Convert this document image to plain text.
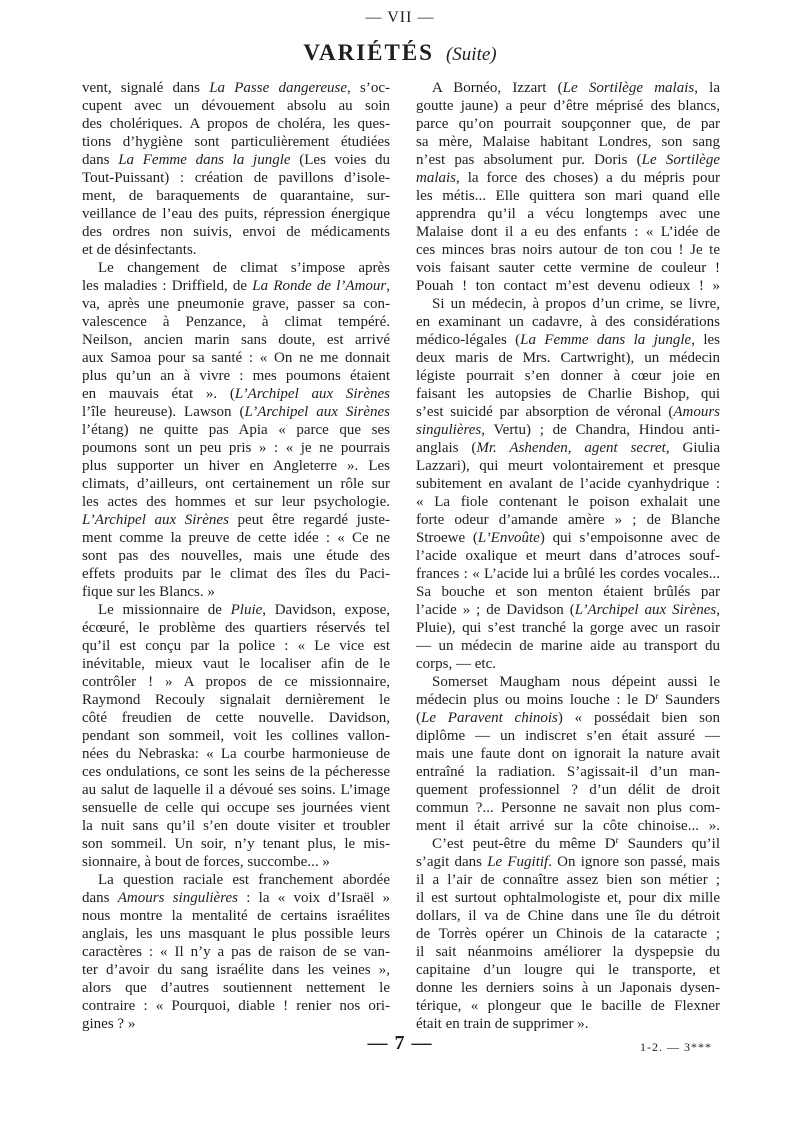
— VII —
VARIÉTÉS (Suite)
vent, signalé dans La Passe dangereuse, s’oc-
cupent avec un dévouement absolu au soin
des cholériques. A propos de choléra, les ques-
tions d’hygiène sont particulièrement étudiées
dans La Femme dans la jungle (Les voies du
Tout-Puissant) : création de pavillons d’isole-
ment, de baraquements de quarantaine, sur-
veillance de l’eau des puits, répression énergique
des ordres non suivis, envoi de médicaments
et de désinfectants.
Le changement de climat s’impose après
les maladies : Driffield, de La Ronde de l’Amour,
va, après une pneumonie grave, passer sa con-
valescence à Penzance, à climat tempéré.
Neilson, ancien marin sans doute, est arrivé
aux Samoa pour sa santé : « On ne me donnait
plus qu’un an à vivre : mes poumons étaient
en mauvais état ». (L’Archipel aux Sirènes
l’île heureuse). Lawson (L’Archipel aux Sirènes
l’étang) ne quitte pas Apia « parce que ses
poumons sont un peu pris » : « je ne pourrais
plus supporter un hiver en Angleterre ». Les
climats, d’ailleurs, ont certainement un rôle sur
les actes des hommes et sur leur psychologie.
L’Archipel aux Sirènes peut être regardé juste-
ment comme la preuve de cette idée : « Ce ne
sont pas des nouvelles, mais une étude des
effets produits par le climat des îles du Paci-
fique sur les Blancs. »
Le missionnaire de Pluie, Davidson, expose,
écœuré, le problème des quartiers réservés tel
qu’il est conçu par la police : « Le vice est
inévitable, mieux vaut le localiser afin de le
contrôler ! » A propos de ce missionnaire,
Raymond Recouly signalait dernièrement le
côté freudien de cette nouvelle. Davidson,
pendant son sommeil, voit les collines vallon-
nées du Nebraska: « La courbe harmonieuse de
ces ondulations, ce sont les seins de la pécheresse
au salut de laquelle il a dévoué ses soins. L’image
sensuelle de celle qui occupe ses journées vient
la nuit sans qu’il s’en doute visiter et troubler
son sommeil. Un soir, n’y tenant plus, le mis-
sionnaire, à bout de forces, succombe... »
La question raciale est franchement abordée
dans Amours singulières : la « voix d’Israël »
nous montre la mentalité de certains israélites
anglais, les uns masquant le plus possible leurs
caractères : « Il n’y a pas de raison de se van-
ter d’avoir du sang israélite dans les veines »,
alors que d’autres soutiennent nettement le
contraire : « Pourquoi, diable ! renier nos ori-
gines ? »
A Bornéo, Izzart (Le Sortilège malais, la
goutte jaune) a peur d’être méprisé des blancs,
parce qu’on pourrait soupçonner que, de par
sa mère, Malaise habitant Londres, son sang
n’est pas absolument pur. Doris (Le Sortilège
malais, la force des choses) a du mépris pour
les métis... Elle quittera son mari quand elle
apprendra qu’il a vécu longtemps avec une
Malaise dont il a eu des enfants : « L’idée de
ces minces bras noirs autour de ton cou ! Je te
vois faisant sauter cette vermine de couleur !
Pouah ! ton contact m’est devenu odieux ! »
Si un médecin, à propos d’un crime, se livre,
en examinant un cadavre, à des considérations
médico-légales (La Femme dans la jungle, les
deux maris de Mrs. Cartwright), un médecin
légiste pourrait s’en donner à cœur joie en
faisant les autopsies de Charlie Bishop, qui
s’est suicidé par absorption de véronal (Amours
singulières, Vertu) ; de Chandra, Hindou anti-
anglais (Mr. Ashenden, agent secret, Giulia
Lazzari), qui meurt volontairement et presque
subitement en avalant de l’acide cyanhydrique :
« La fiole contenant le poison exhalait une
forte odeur d’amande amère » ; de Blanche
Stroewe (L’Envoûte) qui s’empoisonne avec de
l’acide oxalique et meurt dans d’atroces souf-
frances : « L’acide lui a brûlé les cordes vocales...
Sa bouche et son menton étaient brûlés par
l’acide » ; de Davidson (L’Archipel aux Sirènes,
Pluie), qui s’est tranché la gorge avec un rasoir
— un médecin de marine aide au transport du
corps, — etc.
Somerset Maugham nous dépeint aussi le
médecin plus ou moins louche : le $D^r$ Saunders
(Le Paravent chinois) « possédait bien son
diplôme — un indiscret s’en était assuré —
mais une faute dont on ignorait la nature avait
entraîné la radiation. S’agissait-il d’un man-
quement professionnel ? d’un délit de droit
commun ?... Personne ne savait non plus com-
ment il était arrivé sur la côte chinoise... ».
C’est peut-être du même $D^r$ Saunders qu’il
s’agit dans Le Fugitif. On ignore son passé, mais
il a l’air de connaître assez bien son métier ;
il est surtout ophtalmologiste et, pour dix mille
dollars, il va de Chine dans une île du détroit
de Torrès opérer un Chinois de la cataracte ;
il sait néanmoins améliorer la dyspepsie du
capitaine d’un lougre qui le transporte, et
donne les derniers soins à un Japonais dysen-
térique, « plongeur que le bacille de Flexner
était en train de supprimer ».
— 7 —	1-2. — 3***
